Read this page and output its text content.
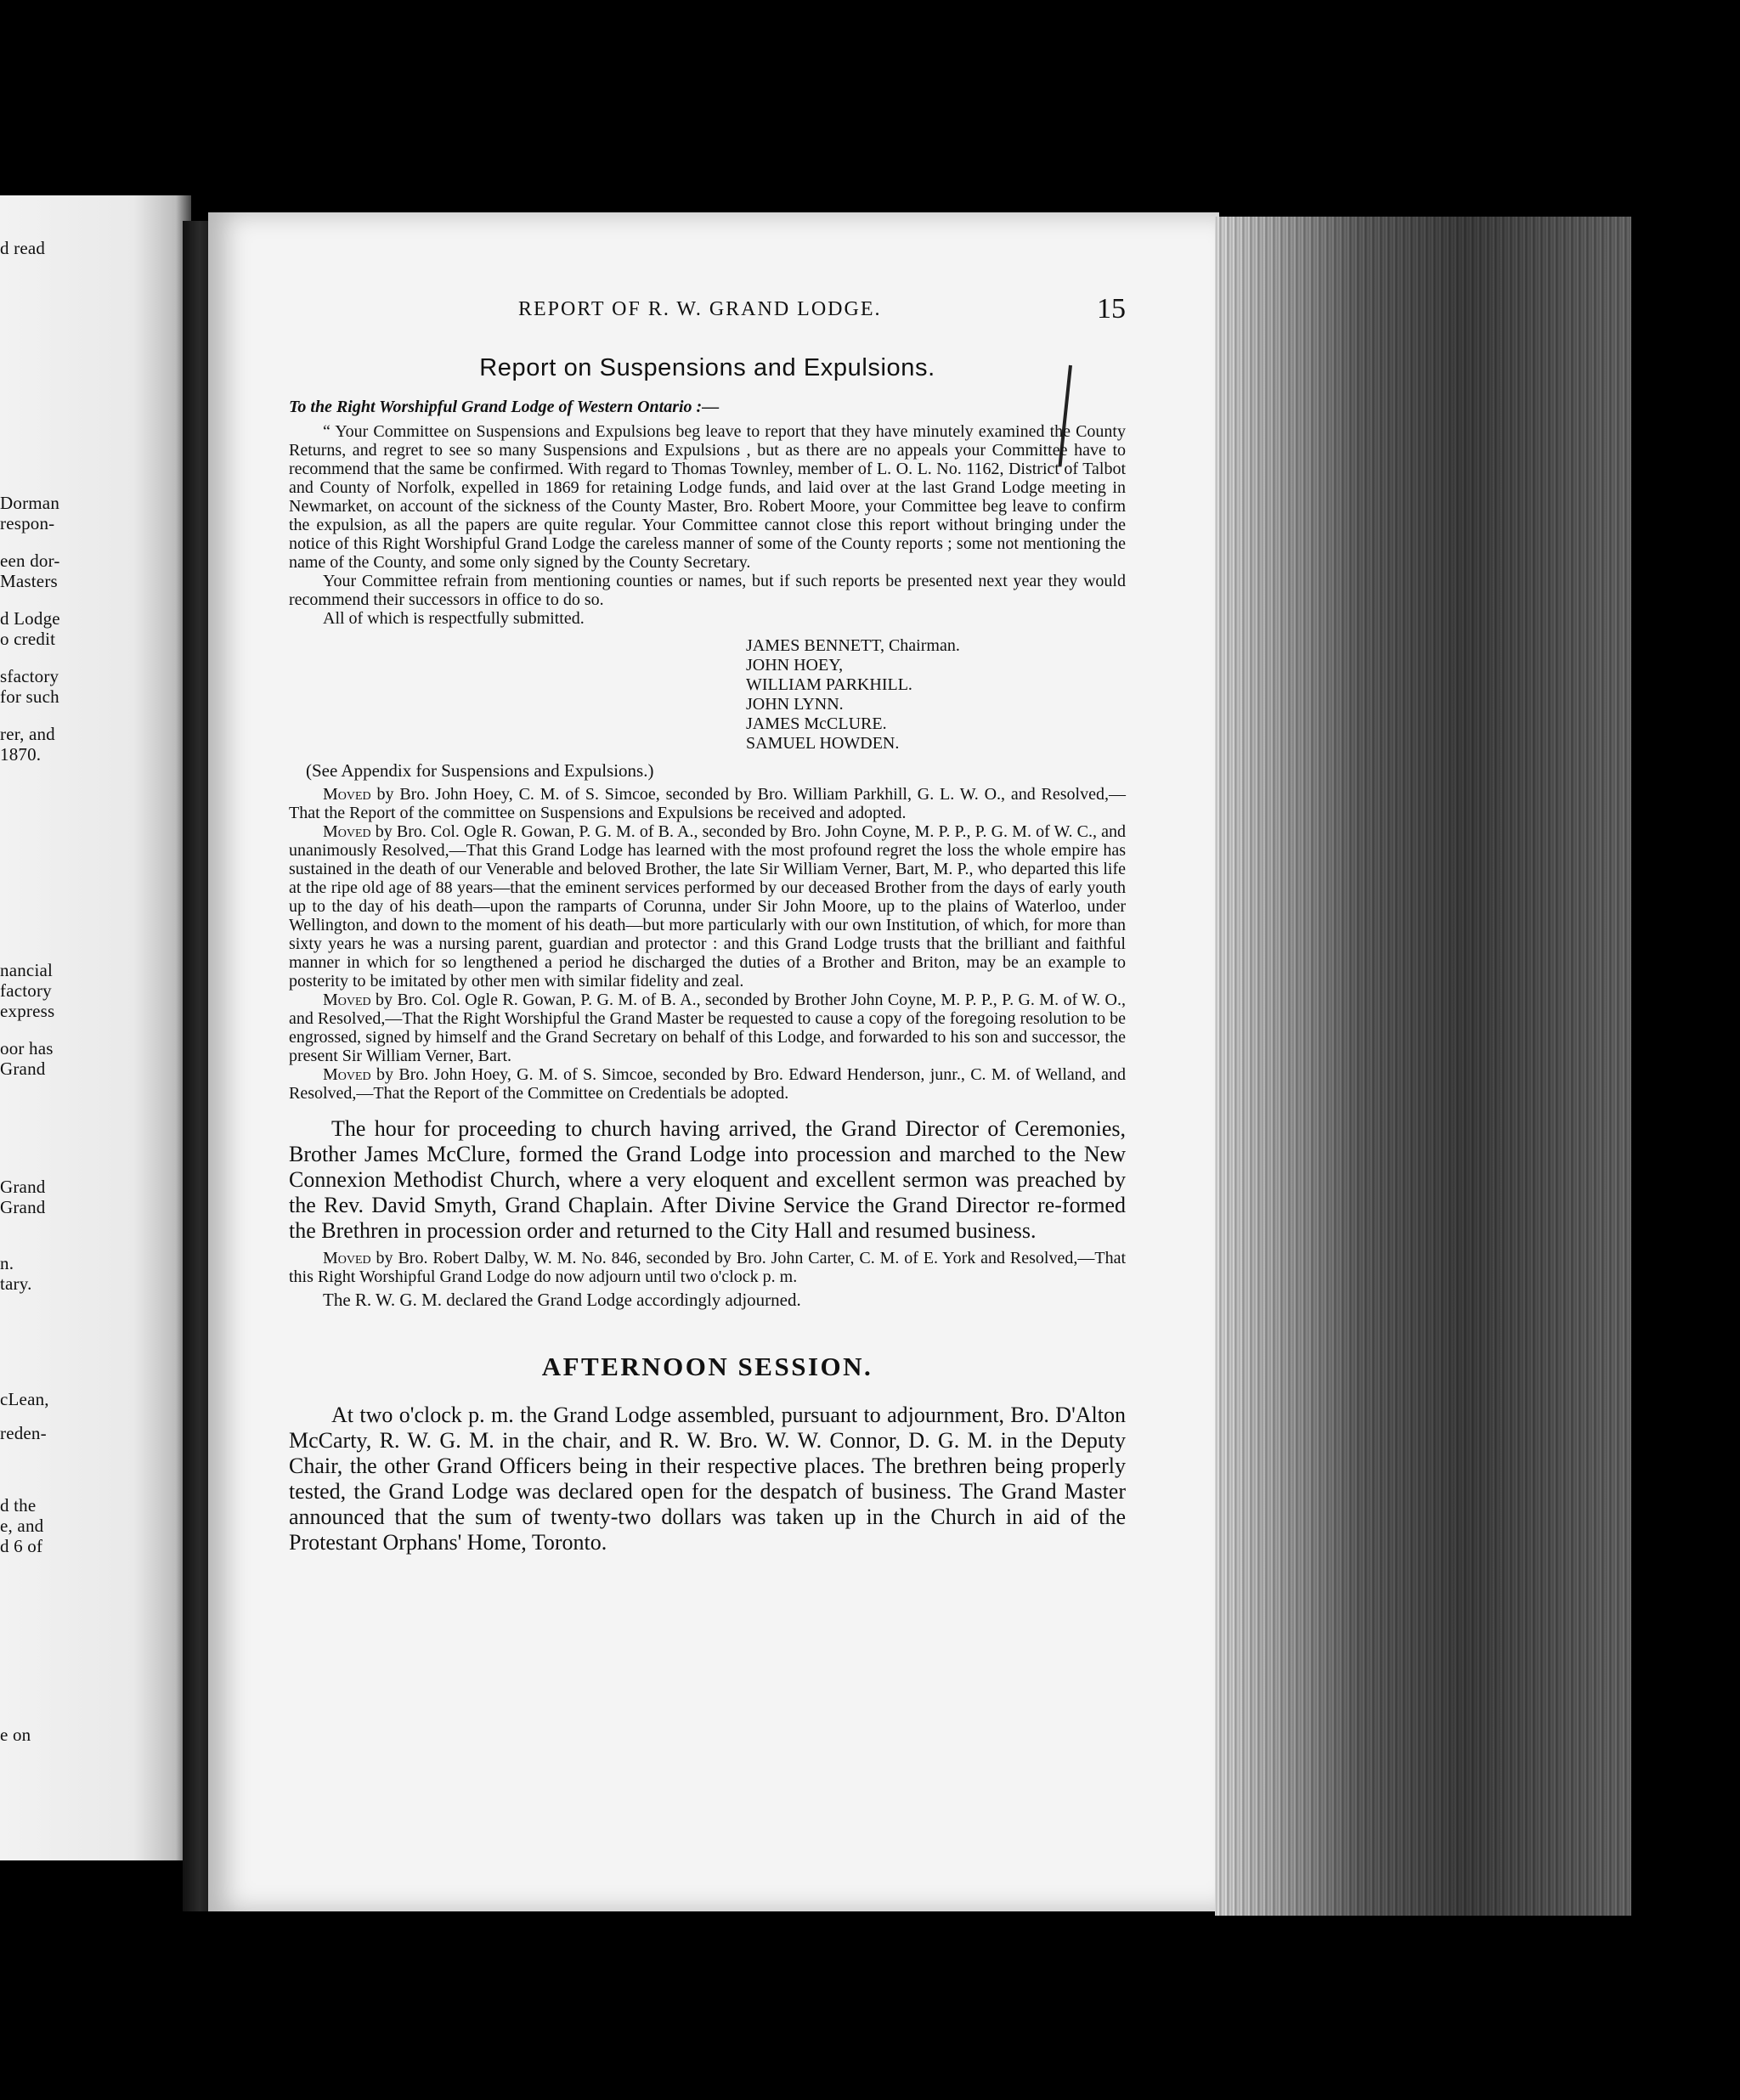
d read
Dorman
respon-
een dor-
Masters
d Lodge
o credit
sfactory
for such
rer, and
1870.
nancial
factory
express
oor has
Grand
Grand
Grand
n.
tary.
cLean,
reden-
d the
e, and
d 6 of
e on
REPORT OF R. W. GRAND LODGE.	15
Report on Suspensions and Expulsions.
To the Right Worshipful Grand Lodge of Western Ontario :—

“ Your Committee on Suspensions and Expulsions beg leave to report that they have minutely examined the County Returns, and regret to see so many Suspensions and Expulsions , but as there are no appeals your Committee have to recommend that the same be confirmed. With regard to Thomas Townley, member of L. O. L. No. 1162, District of Talbot and County of Norfolk, expelled in 1869 for retaining Lodge funds, and laid over at the last Grand Lodge meeting in Newmarket, on account of the sickness of the County Master, Bro. Robert Moore, your Committee beg leave to confirm the expulsion, as all the papers are quite regular. Your Committee cannot close this report without bringing under the notice of this Right Worshipful Grand Lodge the careless manner of some of the County reports ; some not mentioning the name of the County, and some only signed by the County Secretary.

Your Committee refrain from mentioning counties or names, but if such reports be presented next year they would recommend their successors in office to do so.

All of which is respectfully submitted.

JAMES BENNETT, Chairman.
JOHN HOEY,
WILLIAM PARKHILL.
JOHN LYNN.
JAMES McCLURE.
SAMUEL HOWDEN.
(See Appendix for Suspensions and Expulsions.)

Moved by Bro. John Hoey, C. M. of S. Simcoe, seconded by Bro. William Parkhill, G. L. W. O., and Resolved,—That the Report of the committee on Suspensions and Expulsions be received and adopted.

Moved by Bro. Col. Ogle R. Gowan, P. G. M. of B. A., seconded by Bro. John Coyne, M. P. P., P. G. M. of W. C., and unanimously Resolved,—That this Grand Lodge has learned with the most profound regret the loss the whole empire has sustained in the death of our Venerable and beloved Brother, the late Sir William Verner, Bart, M. P., who departed this life at the ripe old age of 88 years—that the eminent services performed by our deceased Brother from the days of early youth up to the day of his death—upon the ramparts of Corunna, under Sir John Moore, up to the plains of Waterloo, under Wellington, and down to the moment of his death—but more particularly with our own Institution, of which, for more than sixty years he was a nursing parent, guardian and protector : and this Grand Lodge trusts that the brilliant and faithful manner in which for so lengthened a period he discharged the duties of a Brother and Briton, may be an example to posterity to be imitated by other men with similar fidelity and zeal.

Moved by Bro. Col. Ogle R. Gowan, P. G. M. of B. A., seconded by Brother John Coyne, M. P. P., P. G. M. of W. O., and Resolved,—That the Right Worshipful the Grand Master be requested to cause a copy of the foregoing resolution to be engrossed, signed by himself and the Grand Secretary on behalf of this Lodge, and forwarded to his son and successor, the present Sir William Verner, Bart.

Moved by Bro. John Hoey, G. M. of S. Simcoe, seconded by Bro. Edward Henderson, junr., C. M. of Welland, and Resolved,—That the Report of the Committee on Credentials be adopted.

The hour for proceeding to church having arrived, the Grand Director of Ceremonies, Brother James McClure, formed the Grand Lodge into procession and marched to the New Connexion Methodist Church, where a very eloquent and excellent sermon was preached by the Rev. David Smyth, Grand Chaplain. After Divine Service the Grand Director re-formed the Brethren in procession order and returned to the City Hall and resumed business.

Moved by Bro. Robert Dalby, W. M. No. 846, seconded by Bro. John Carter, C. M. of E. York and Resolved,—That this Right Worshipful Grand Lodge do now adjourn until two o'clock p. m.

The R. W. G. M. declared the Grand Lodge accordingly adjourned.

AFTERNOON SESSION.

At two o'clock p. m. the Grand Lodge assembled, pursuant to adjournment, Bro. D'Alton McCarty, R. W. G. M. in the chair, and R. W. Bro. W. W. Connor, D. G. M. in the Deputy Chair, the other Grand Officers being in their respective places. The brethren being properly tested, the Grand Lodge was declared open for the despatch of business. The Grand Master announced that the sum of twenty-two dollars was taken up in the Church in aid of the Protestant Orphans' Home, Toronto.
